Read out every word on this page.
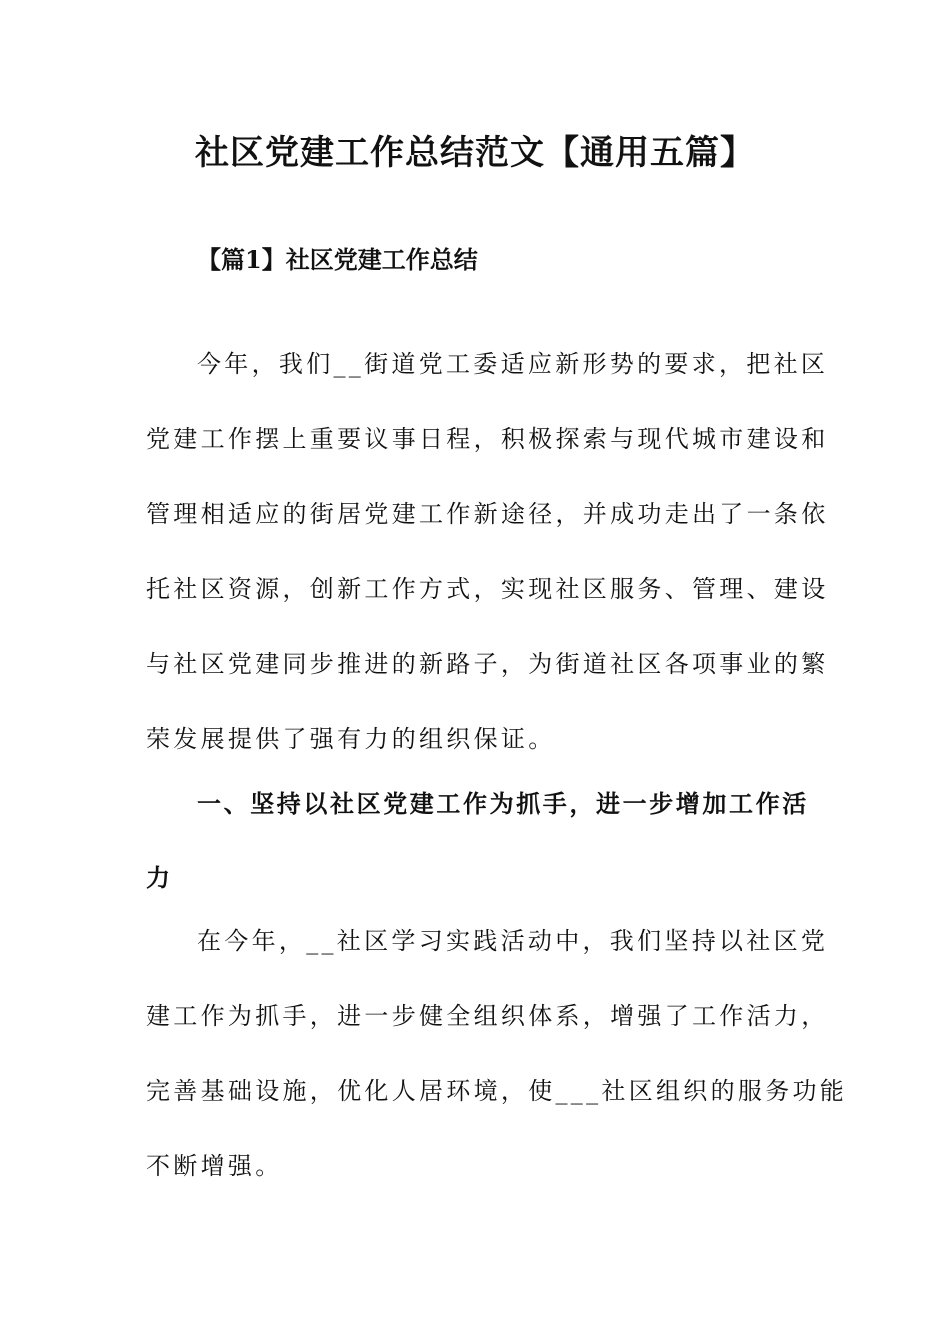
社区党建工作总结范文【通用五篇】
【篇1】社区党建工作总结

今年，我们__街道党工委适应新形势的要求，把社区

党建工作摆上重要议事日程，积极探索与现代城市建设和

管理相适应的街居党建工作新途径，并成功走出了一条依

托社区资源，创新工作方式，实现社区服务、管理、建设

与社区党建同步推进的新路子，为街道社区各项事业的繁

荣发展提供了强有力的组织保证。

一、坚持以社区党建工作为抓手，进一步增加工作活

力

在今年，__社区学习实践活动中，我们坚持以社区党

建工作为抓手，进一步健全组织体系，增强了工作活力，

完善基础设施，优化人居环境，使___社区组织的服务功能

不断增强。
